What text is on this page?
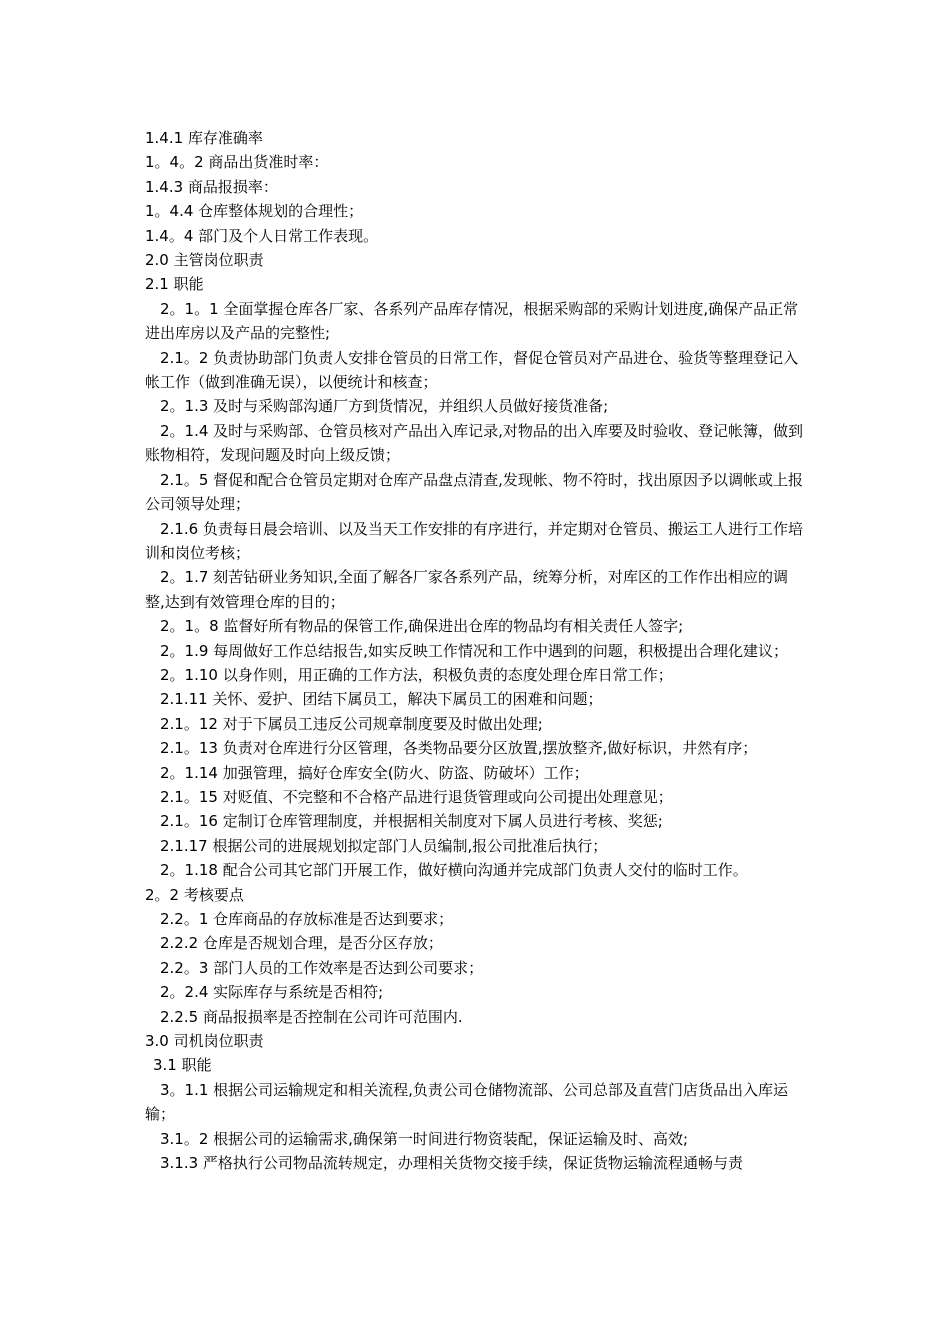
1.4.1 库存准确率

1。4。2 商品出货准时率：

1.4.3 商品报损率：

1。4.4 仓库整体规划的合理性；

1.4。4 部门及个人日常工作表现。

2.0 主管岗位职责

2.1 职能

2。1。1 全面掌握仓库各厂家、各系列产品库存情况，根据采购部的采购计划进度,确保产品正常进出库房以及产品的完整性;

2.1。2 负责协助部门负责人安排仓管员的日常工作，督促仓管员对产品进仓、验货等整理登记入帐工作（做到准确无误），以便统计和核查；

2。1.3 及时与采购部沟通厂方到货情况，并组织人员做好接货准备;

2。1.4 及时与采购部、仓管员核对产品出入库记录,对物品的出入库要及时验收、登记帐簿，做到账物相符，发现问题及时向上级反馈；

2.1。5 督促和配合仓管员定期对仓库产品盘点清查,发现帐、物不符时，找出原因予以调帐或上报公司领导处理；

2.1.6 负责每日晨会培训、以及当天工作安排的有序进行，并定期对仓管员、搬运工人进行工作培训和岗位考核；

2。1.7 刻苦钻研业务知识,全面了解各厂家各系列产品，统筹分析，对库区的工作作出相应的调整,达到有效管理仓库的目的；

2。1。8 监督好所有物品的保管工作,确保进出仓库的物品均有相关责任人签字;

2。1.9 每周做好工作总结报告,如实反映工作情况和工作中遇到的问题，积极提出合理化建议；

2。1.10 以身作则，用正确的工作方法，积极负责的态度处理仓库日常工作；

2.1.11 关怀、爱护、团结下属员工，解决下属员工的困难和问题；

2.1。12 对于下属员工违反公司规章制度要及时做出处理;

2.1。13 负责对仓库进行分区管理，各类物品要分区放置,摆放整齐,做好标识，井然有序；

2。1.14 加强管理，搞好仓库安全(防火、防盗、防破坏）工作；

2.1。15 对贬值、不完整和不合格产品进行退货管理或向公司提出处理意见；

2.1。16 定制订仓库管理制度，并根据相关制度对下属人员进行考核、奖惩;

2.1.17 根据公司的进展规划拟定部门人员编制,报公司批准后执行；

2。1.18 配合公司其它部门开展工作，做好横向沟通并完成部门负责人交付的临时工作。

2。2 考核要点

2.2。1 仓库商品的存放标准是否达到要求；

2.2.2 仓库是否规划合理，是否分区存放；

2.2。3 部门人员的工作效率是否达到公司要求；

2。2.4 实际库存与系统是否相符;

2.2.5 商品报损率是否控制在公司许可范围内.

3.0 司机岗位职责

3.1 职能

3。1.1 根据公司运输规定和相关流程,负责公司仓储物流部、公司总部及直营门店货品出入库运输；

3.1。2 根据公司的运输需求,确保第一时间进行物资装配，保证运输及时、高效;

3.1.3 严格执行公司物品流转规定，办理相关货物交接手续，保证货物运输流程通畅与责
